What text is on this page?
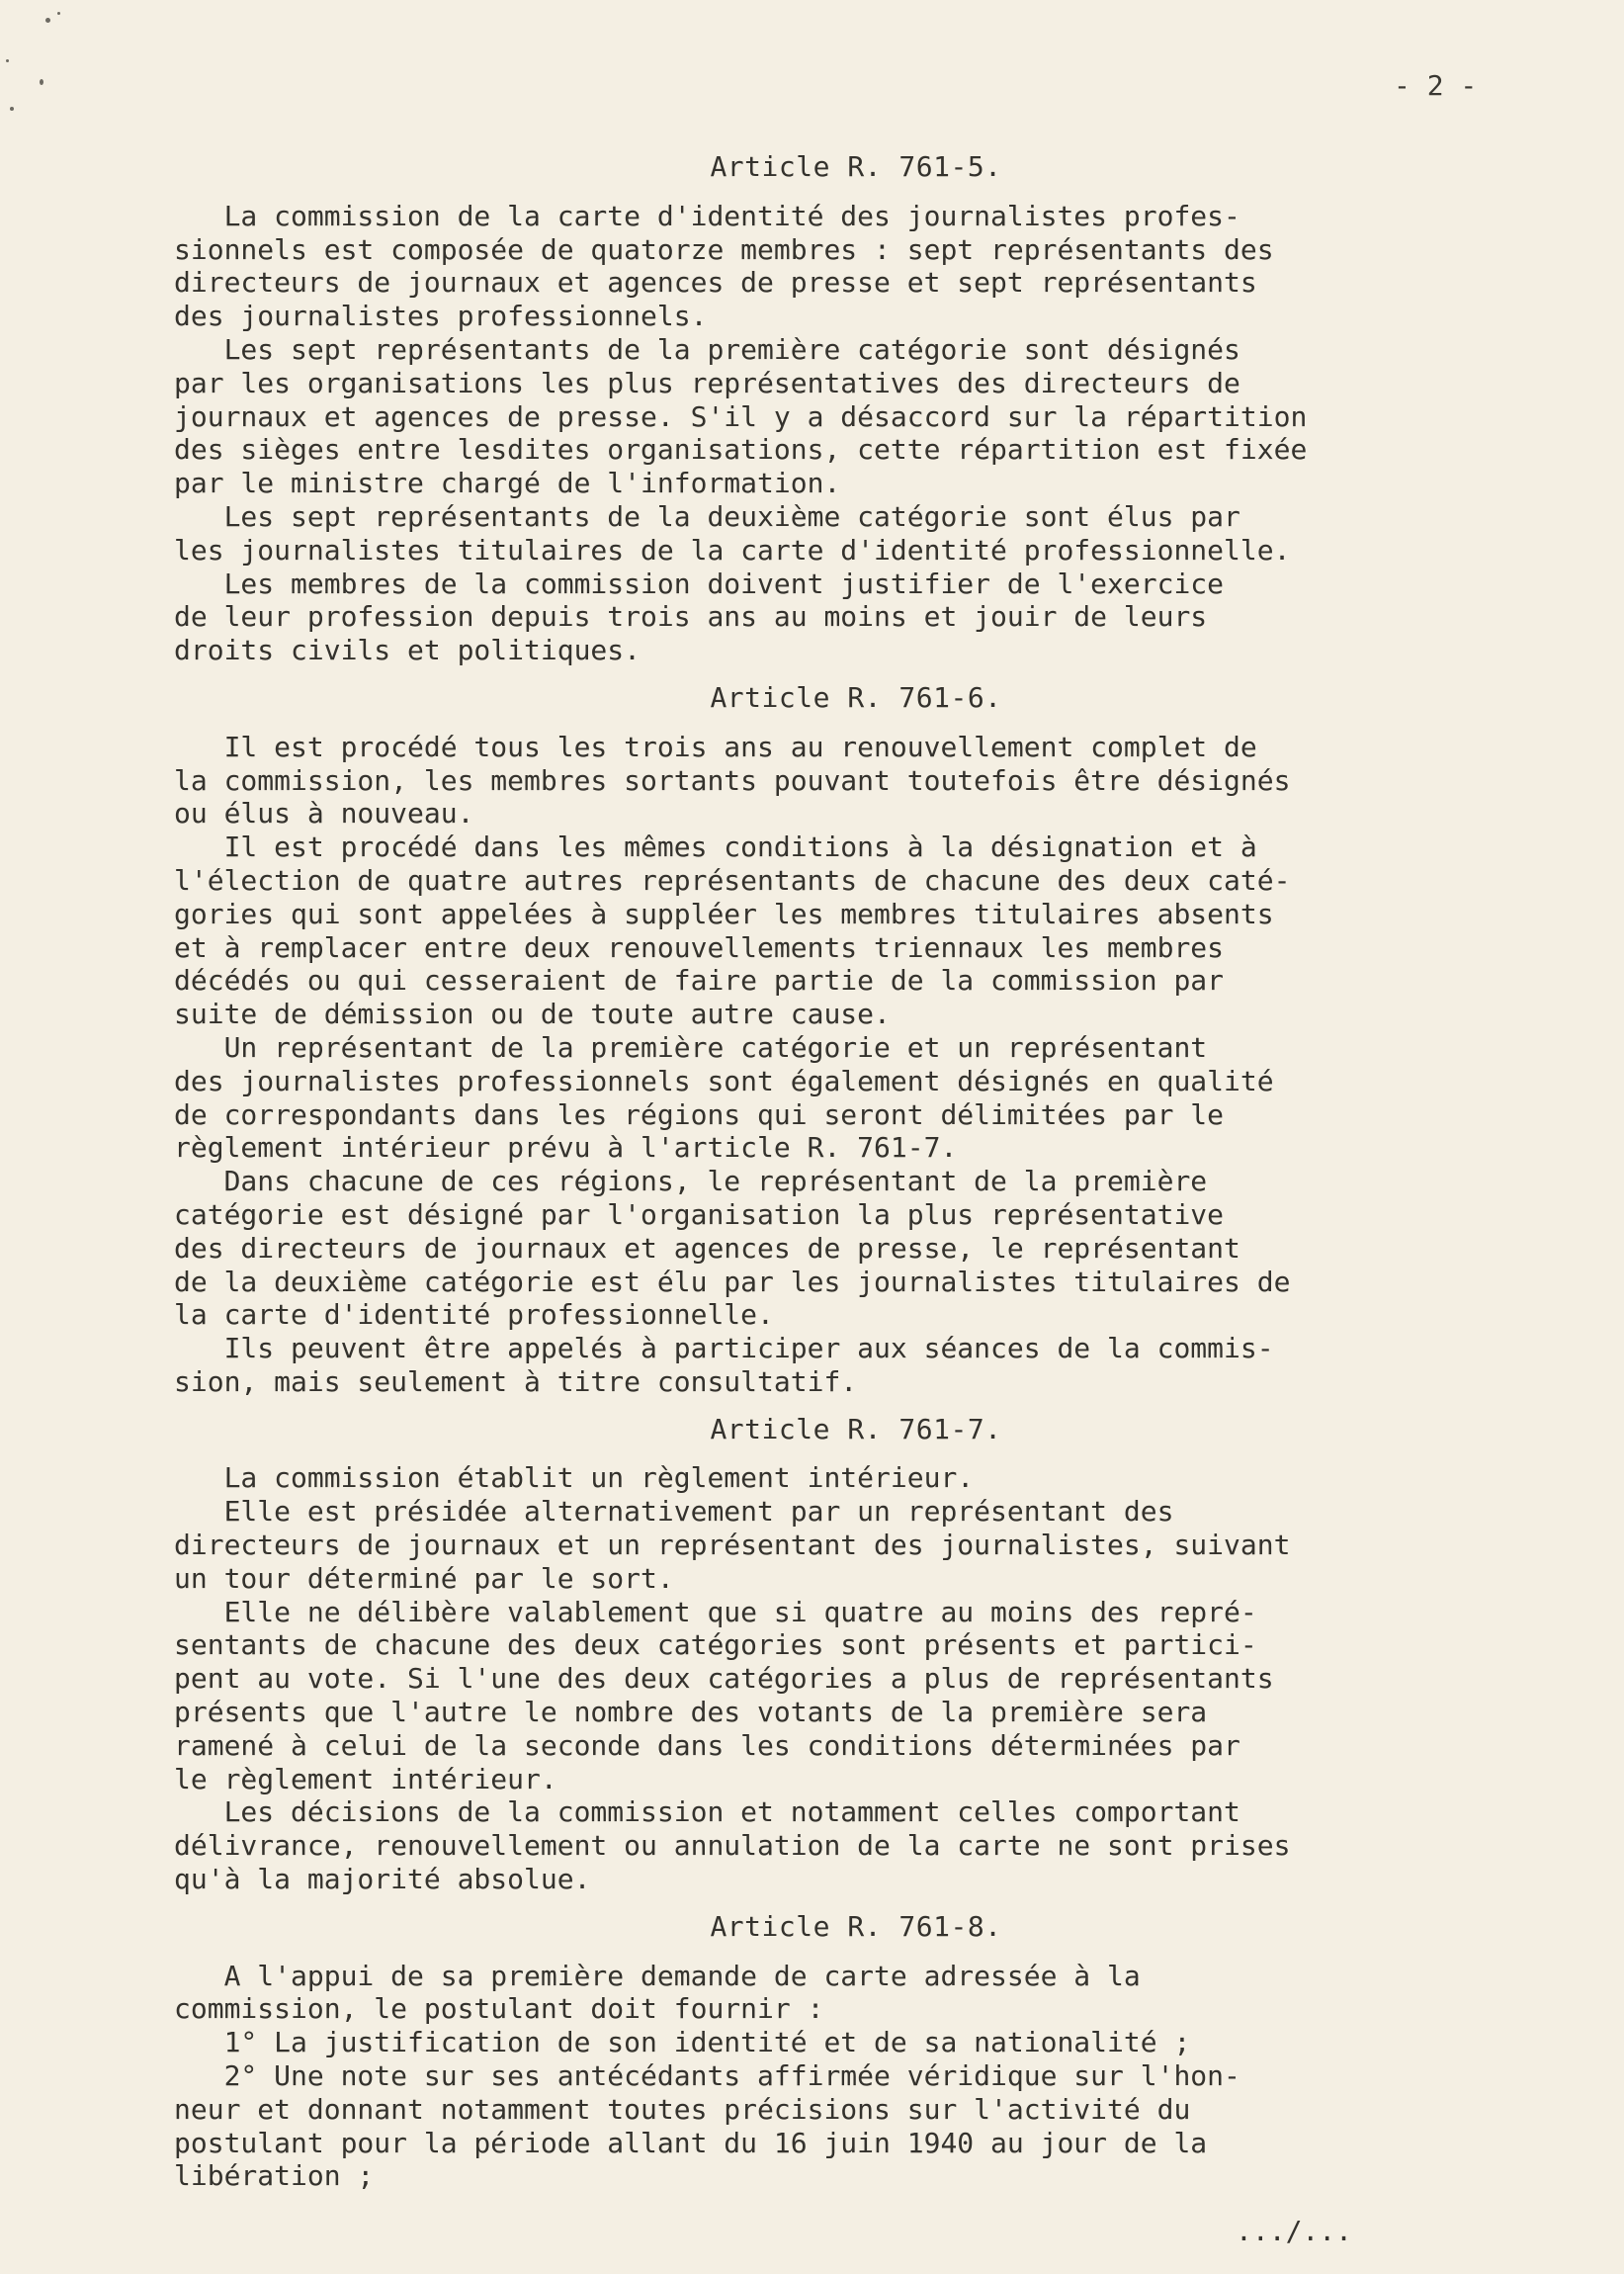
- 2 -
Article R. 761-5.
La commission de la carte d'identité des journalistes profes-
sionnels est composée de quatorze membres : sept représentants des
directeurs de journaux et agences de presse et sept représentants
des journalistes professionnels.
Les sept représentants de la première catégorie sont désignés
par les organisations les plus représentatives des directeurs de
journaux et agences de presse. S'il y a désaccord sur la répartition
des sièges entre lesdites organisations, cette répartition est fixée
par le ministre chargé de l'information.
Les sept représentants de la deuxième catégorie sont élus par
les journalistes titulaires de la carte d'identité professionnelle.
Les membres de la commission doivent justifier de l'exercice
de leur profession depuis trois ans au moins et jouir de leurs
droits civils et politiques.
Article R. 761-6.
Il est procédé tous les trois ans au renouvellement complet de
la commission, les membres sortants pouvant toutefois être désignés
ou élus à nouveau.
Il est procédé dans les mêmes conditions à la désignation et à
l'élection de quatre autres représentants de chacune des deux caté-
gories qui sont appelées à suppléer les membres titulaires absents
et à remplacer entre deux renouvellements triennaux les membres
décédés ou qui cesseraient de faire partie de la commission par
suite de démission ou de toute autre cause.
Un représentant de la première catégorie et un représentant
des journalistes professionnels sont également désignés en qualité
de correspondants dans les régions qui seront délimitées par le
règlement intérieur prévu à l'article R. 761-7.
Dans chacune de ces régions, le représentant de la première
catégorie est désigné par l'organisation la plus représentative
des directeurs de journaux et agences de presse, le représentant
de la deuxième catégorie est élu par les journalistes titulaires de
la carte d'identité professionnelle.
Ils peuvent être appelés à participer aux séances de la commis-
sion, mais seulement à titre consultatif.
Article R. 761-7.
La commission établit un règlement intérieur.
Elle est présidée alternativement par un représentant des
directeurs de journaux et un représentant des journalistes, suivant
un tour déterminé par le sort.
Elle ne délibère valablement que si quatre au moins des repré-
sentants de chacune des deux catégories sont présents et partici-
pent au vote. Si l'une des deux catégories a plus de représentants
présents que l'autre le nombre des votants de la première sera
ramené à celui de la seconde dans les conditions déterminées par
le règlement intérieur.
Les décisions de la commission et notamment celles comportant
délivrance, renouvellement ou annulation de la carte ne sont prises
qu'à la majorité absolue.
Article R. 761-8.
A l'appui de sa première demande de carte adressée à la
commission, le postulant doit fournir :
1° La justification de son identité et de sa nationalité ;
2° Une note sur ses antécédants affirmée véridique sur l'hon-
neur et donnant notamment toutes précisions sur l'activité du
postulant pour la période allant du 16 juin 1940 au jour de la
libération ;
.../...
